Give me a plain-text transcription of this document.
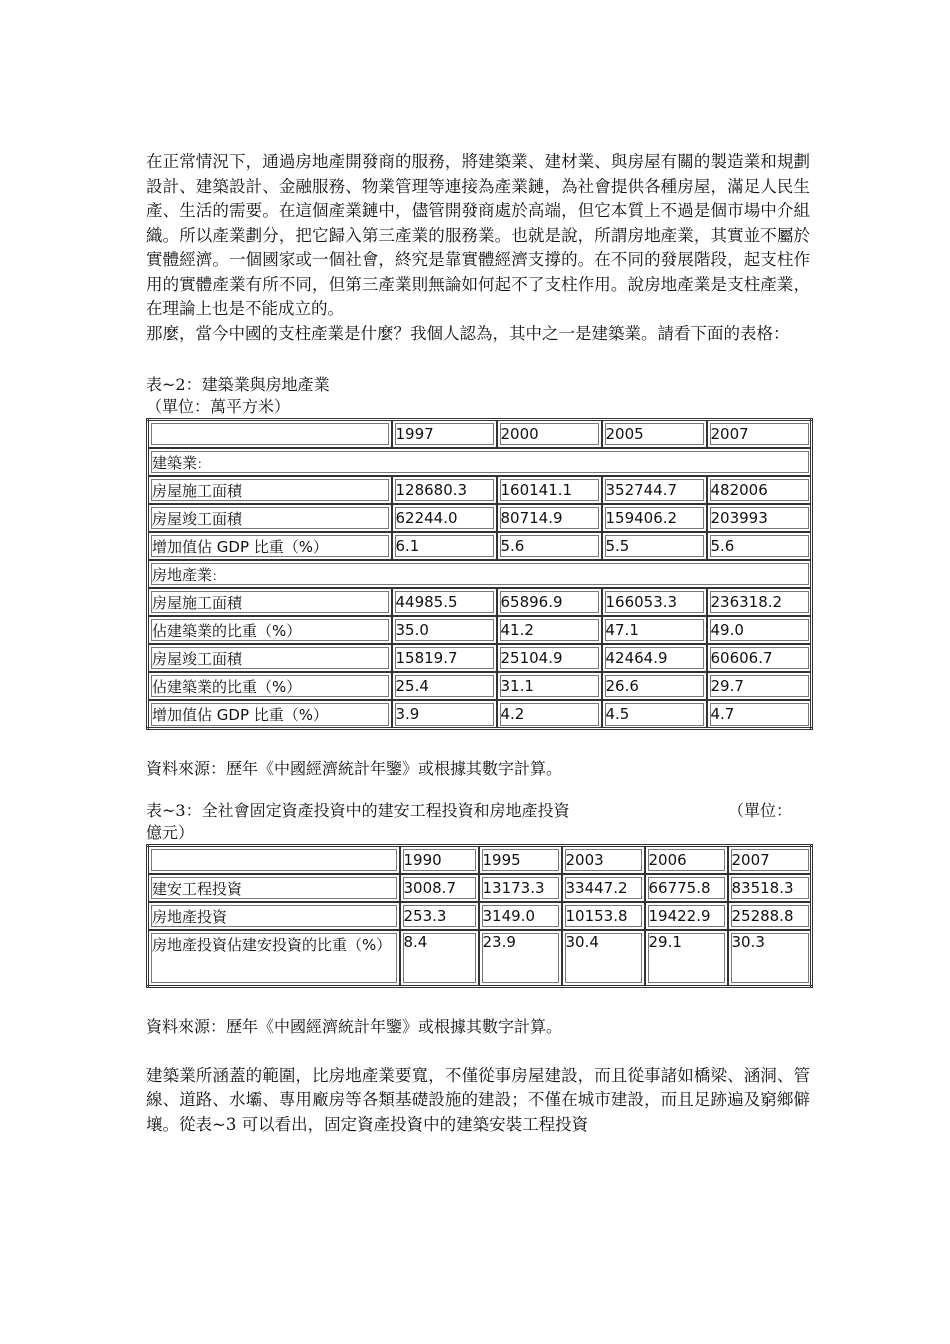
在正常情況下，通過房地產開發商的服務，將建築業、建材業、與房屋有關的製造業和規劃設計、建築設計、金融服務、物業管理等連接為產業鏈，為社會提供各種房屋，滿足人民生產、生活的需要。在這個產業鏈中，儘管開發商處於高端，但它本質上不過是個市場中介組織。所以產業劃分，把它歸入第三產業的服務業。也就是說，所謂房地產業，其實並不屬於實體經濟。一個國家或一個社會，終究是靠實體經濟支撐的。在不同的發展階段，起支柱作用的實體產業有所不同，但第三產業則無論如何起不了支柱作用。說房地產業是支柱產業，在理論上也是不能成立的。

那麼，當今中國的支柱產業是什麼？我個人認為，其中之一是建築業。請看下面的表格：

表~2：建築業與房地產業

（單位：萬平方米）

	1997	2000	2005	2007
建築業：				
房屋施工面積	128680.3	160141.1	352744.7	482006
房屋竣工面積	62244.0	80714.9	159406.2	203993
增加值佔 GDP 比重（%）	6.1	5.6	5.5	5.6
房地產業：				
房屋施工面積	44985.5	65896.9	166053.3	236318.2
佔建築業的比重（%）	35.0	41.2	47.1	49.0
房屋竣工面積	15819.7	25104.9	42464.9	60606.7
佔建築業的比重（%）	25.4	31.1	26.6	29.7
增加值佔 GDP 比重（%）	3.9	4.2	4.5	4.7

資料來源：歷年《中國經濟統計年鑒》或根據其數字計算。

表~3：全社會固定資產投資中的建安工程投資和房地產投資	（單位：

億元）

	1990	1995	2003	2006	2007
建安工程投資	3008.7	13173.3	33447.2	66775.8	83518.3
房地產投資	253.3	3149.0	10153.8	19422.9	25288.8
房地產投資佔建安投資的比重（%）	8.4	23.9	30.4	29.1	30.3

資料來源：歷年《中國經濟統計年鑒》或根據其數字計算。

建築業所涵蓋的範圍，比房地產業要寬，不僅從事房屋建設，而且從事諸如橋梁、涵洞、管線、道路、水壩、專用廠房等各類基礎設施的建設；不僅在城市建設，而且足跡遍及窮鄉僻壤。從表~3 可以看出，固定資產投資中的建築安裝工程投資
